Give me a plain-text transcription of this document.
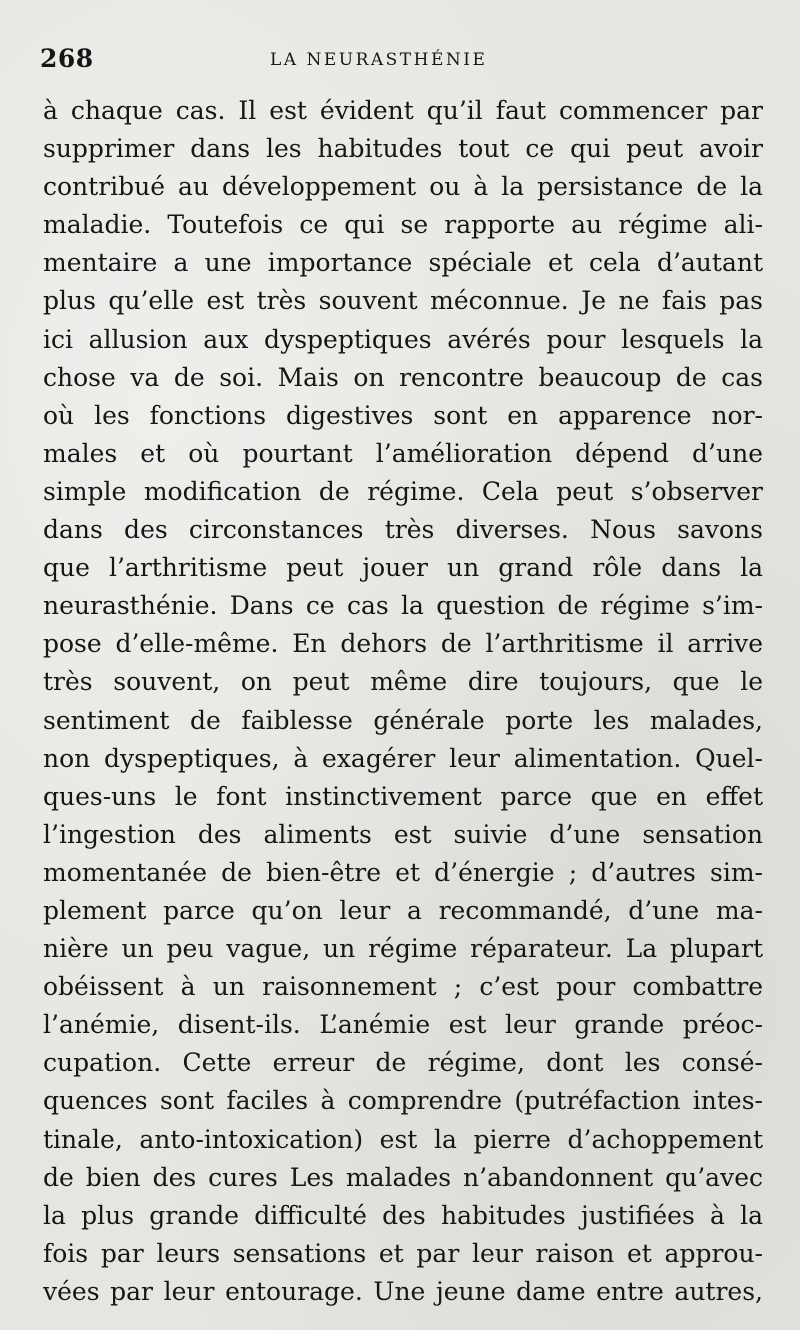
268	LA NEURASTHÉNIE
à chaque cas. Il est évident qu’il faut commencer par
supprimer dans les habitudes tout ce qui peut avoir
contribué au développement ou à la persistance de la
maladie. Toutefois ce qui se rapporte au régime ali-
mentaire a une importance spéciale et cela d’autant
plus qu’elle est très souvent méconnue. Je ne fais pas
ici allusion aux dyspeptiques avérés pour lesquels la
chose va de soi. Mais on rencontre beaucoup de cas
où les fonctions digestives sont en apparence nor-
males et où pourtant l’amélioration dépend d’une
simple modification de régime. Cela peut s’observer
dans des circonstances très diverses. Nous savons
que l’arthritisme peut jouer un grand rôle dans la
neurasthénie. Dans ce cas la question de régime s’im-
pose d’elle-même. En dehors de l’arthritisme il arrive
très souvent, on peut même dire toujours, que le
sentiment de faiblesse générale porte les malades,
non dyspeptiques, à exagérer leur alimentation. Quel-
ques-uns le font instinctivement parce que en effet
l’ingestion des aliments est suivie d’une sensation
momentanée de bien-être et d’énergie ; d’autres sim-
plement parce qu’on leur a recommandé, d’une ma-
nière un peu vague, un régime réparateur. La plupart
obéissent à un raisonnement ; c’est pour combattre
l’anémie, disent-ils. L’anémie est leur grande préoc-
cupation. Cette erreur de régime, dont les consé-
quences sont faciles à comprendre (putréfaction intes-
tinale, anto-intoxication) est la pierre d’achoppement
de bien des cures Les malades n’abandonnent qu’avec
la plus grande difficulté des habitudes justifiées à la
fois par leurs sensations et par leur raison et approu-
vées par leur entourage. Une jeune dame entre autres,
